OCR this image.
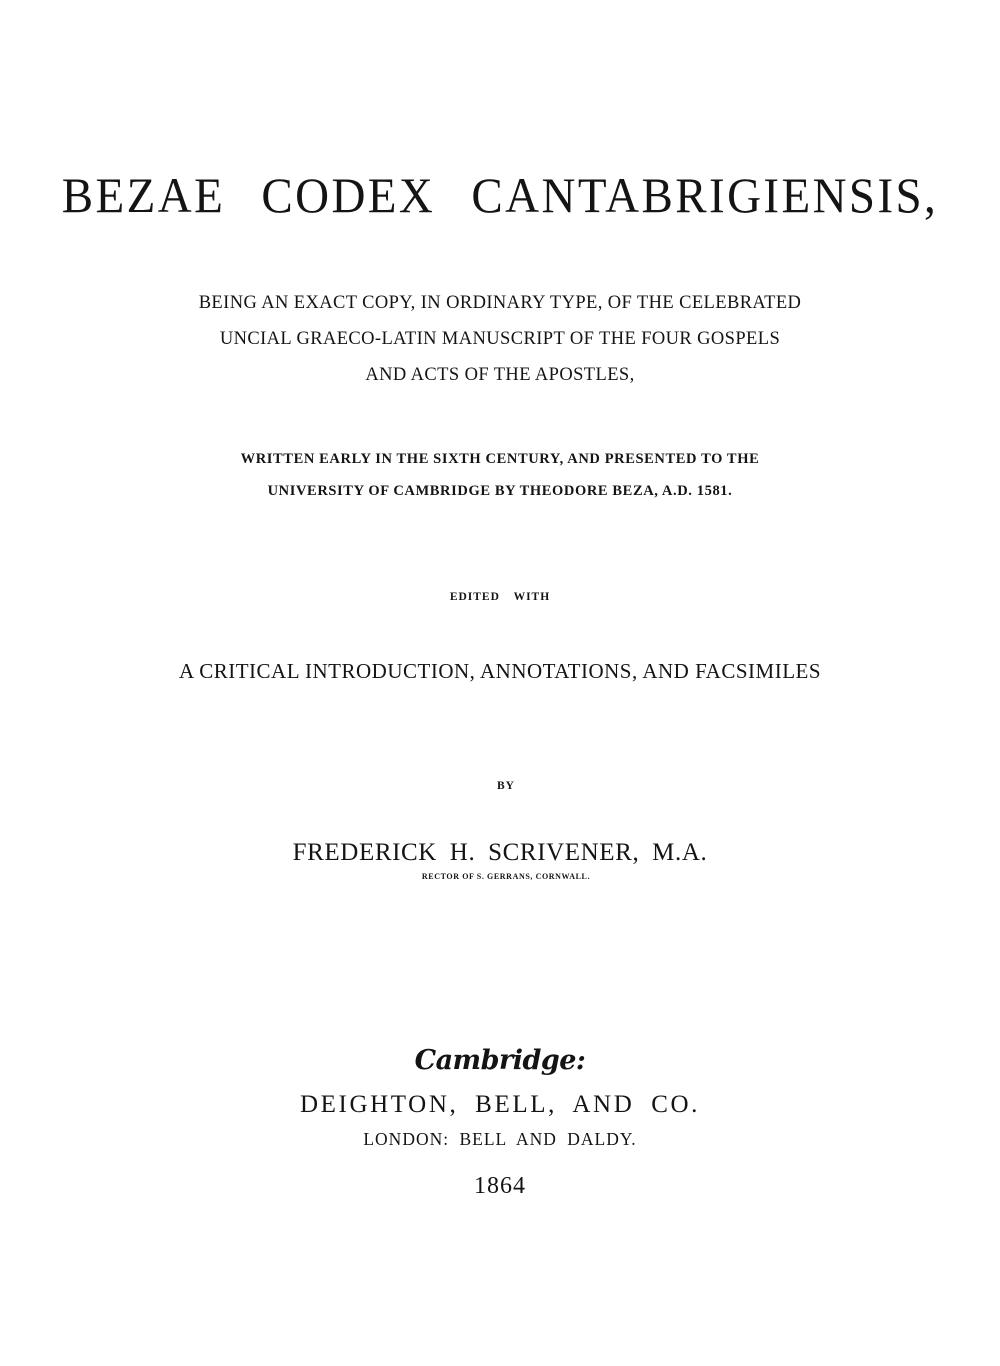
BEZAE CODEX CANTABRIGIENSIS,
BEING AN EXACT COPY, IN ORDINARY TYPE, OF THE CELEBRATED
UNCIAL GRAECO-LATIN MANUSCRIPT OF THE FOUR GOSPELS
AND ACTS OF THE APOSTLES,
WRITTEN EARLY IN THE SIXTH CENTURY, AND PRESENTED TO THE
UNIVERSITY OF CAMBRIDGE BY THEODORE BEZA, A.D. 1581.
EDITED WITH
A CRITICAL INTRODUCTION, ANNOTATIONS, AND FACSIMILES
BY
FREDERICK H. SCRIVENER, M.A.
RECTOR OF S. GERRANS, CORNWALL.
Cambridge:
DEIGHTON, BELL, AND CO.
LONDON: BELL AND DALDY.
1864
